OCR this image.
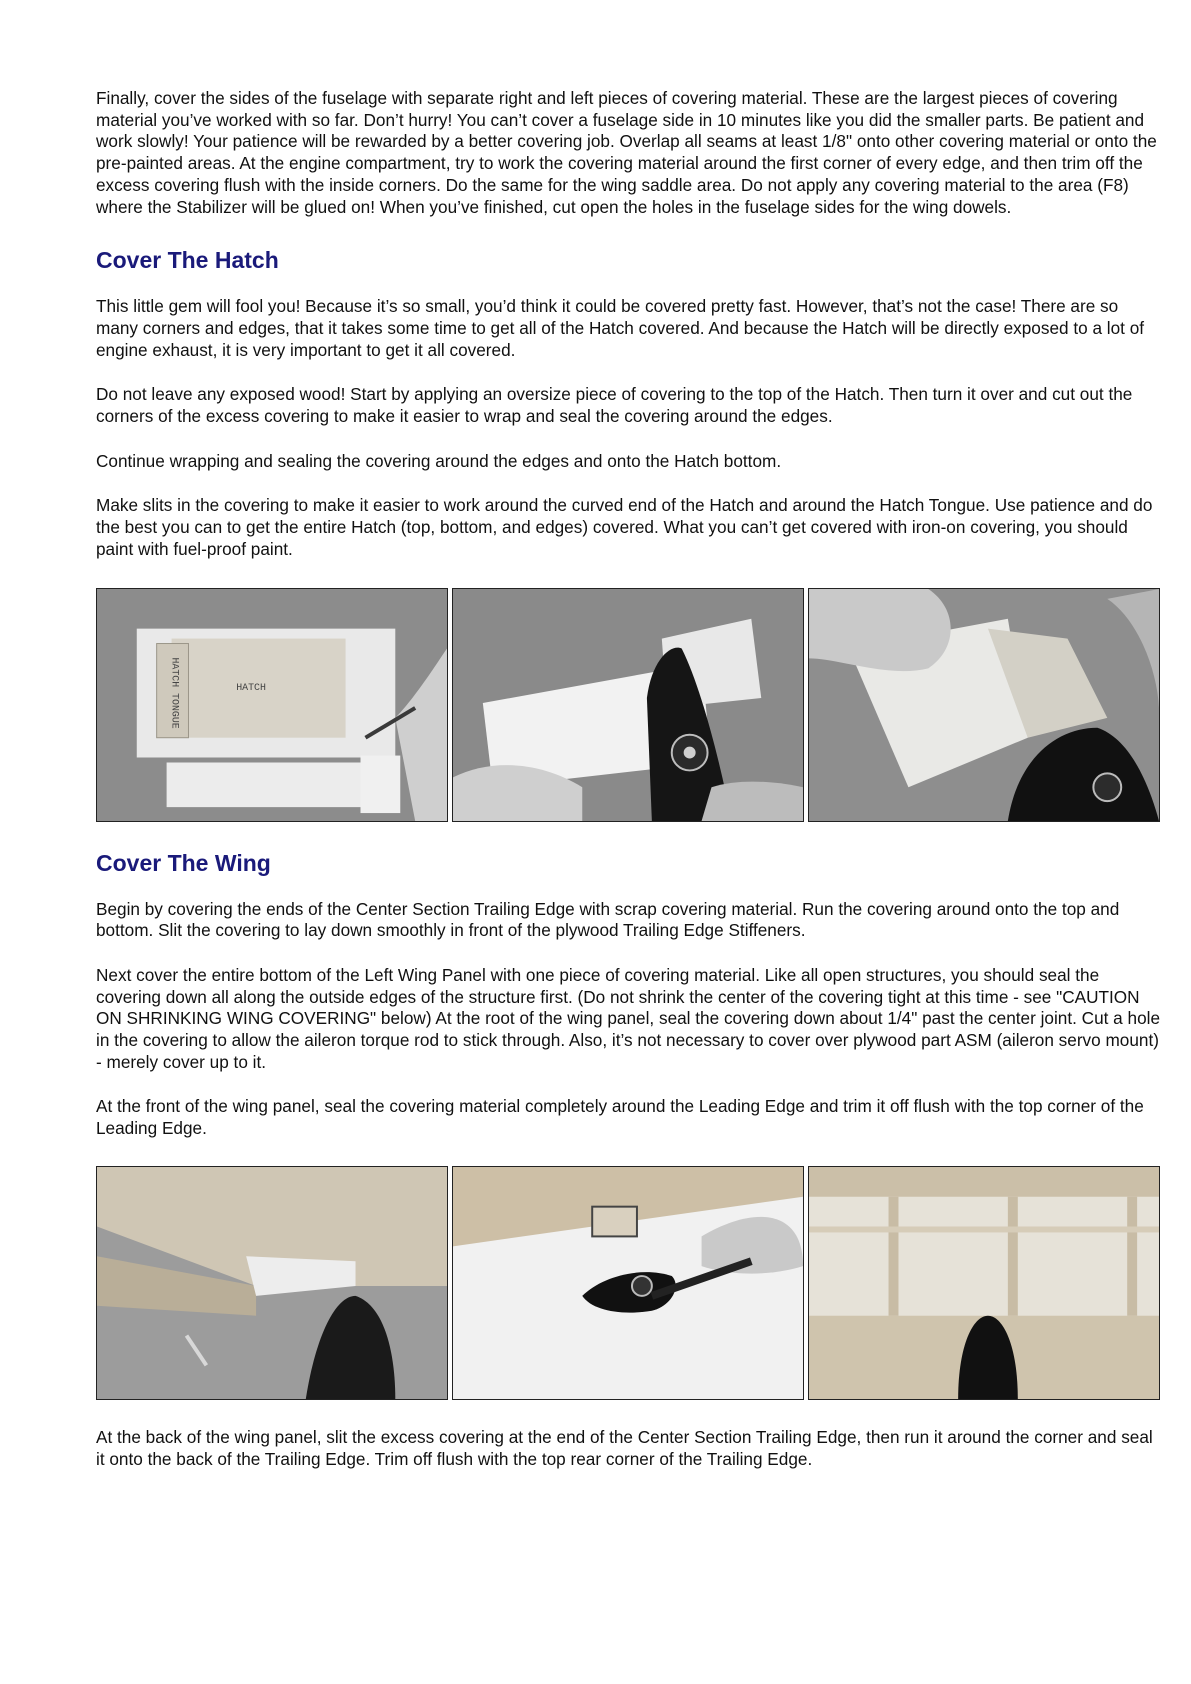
Finally, cover the sides of the fuselage with separate right and left pieces of covering material. These are the largest pieces of covering material you’ve worked with so far. Don’t hurry! You can’t cover a fuselage side in 10 minutes like you did the smaller parts. Be patient and work slowly! Your patience will be rewarded by a better covering job. Overlap all seams at least 1/8" onto other covering material or onto the pre-painted areas. At the engine compartment, try to work the covering material around the first corner of every edge, and then trim off the excess covering flush with the inside corners. Do the same for the wing saddle area. Do not apply any covering material to the area (F8) where the Stabilizer will be glued on! When you’ve finished, cut open the holes in the fuselage sides for the wing dowels.

Cover The Hatch

This little gem will fool you! Because it’s so small, you’d think it could be covered pretty fast. However, that’s not the case! There are so many corners and edges, that it takes some time to get all of the Hatch covered. And because the Hatch will be directly exposed to a lot of engine exhaust, it is very important to get it all covered.

Do not leave any exposed wood! Start by applying an oversize piece of covering to the top of the Hatch. Then turn it over and cut out the corners of the excess covering to make it easier to wrap and seal the covering around the edges.

Continue wrapping and sealing the covering around the edges and onto the Hatch bottom.

Make slits in the covering to make it easier to work around the curved end of the Hatch and around the Hatch Tongue. Use patience and do the best you can to get the entire Hatch (top, bottom, and edges) covered. What you can’t get covered with iron-on covering, you should paint with fuel-proof paint.

HATCH TONGUE	HATCH
Cover The Wing

Begin by covering the ends of the Center Section Trailing Edge with scrap covering material. Run the covering around onto the top and bottom. Slit the covering to lay down smoothly in front of the plywood Trailing Edge Stiffeners.

Next cover the entire bottom of the Left Wing Panel with one piece of covering material. Like all open structures, you should seal the covering down all along the outside edges of the structure first. (Do not shrink the center of the covering tight at this time - see "CAUTION ON SHRINKING WING COVERING" below) At the root of the wing panel, seal the covering down about 1/4" past the center joint. Cut a hole in the covering to allow the aileron torque rod to stick through. Also, it’s not necessary to cover over plywood part ASM (aileron servo mount) - merely cover up to it.

At the front of the wing panel, seal the covering material completely around the Leading Edge and trim it off flush with the top corner of the Leading Edge.

At the back of the wing panel, slit the excess covering at the end of the Center Section Trailing Edge, then run it around the corner and seal it onto the back of the Trailing Edge. Trim off flush with the top rear corner of the Trailing Edge.
